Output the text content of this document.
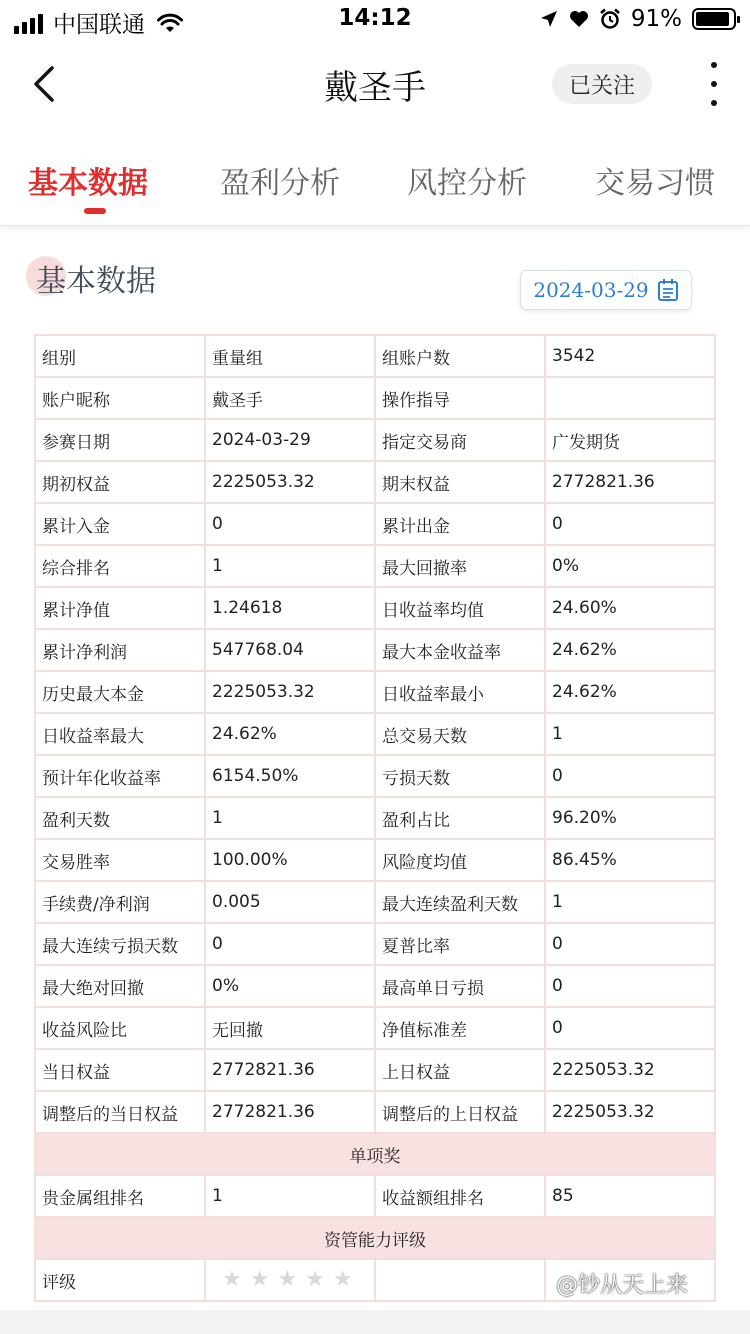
中国联通	14:12	91%
戴圣手	已关注
基本数据 盈利分析 风控分析 交易习惯
基本数据	2024-03-29
组别	重量组	组账户数	3542
账户昵称	戴圣手	操作指导	
参赛日期	2024-03-29	指定交易商	广发期货
期初权益	2225053.32	期末权益	2772821.36
累计入金	0	累计出金	0
综合排名	1	最大回撤率	0%
累计净值	1.24618	日收益率均值	24.60%
累计净利润	547768.04	最大本金收益率	24.62%
历史最大本金	2225053.32	日收益率最小	24.62%
日收益率最大	24.62%	总交易天数	1
预计年化收益率	6154.50%	亏损天数	0
盈利天数	1	盈利占比	96.20%
交易胜率	100.00%	风险度均值	86.45%
手续费/净利润	0.005	最大连续盈利天数	1
最大连续亏损天数	0	夏普比率	0
最大绝对回撤	0%	最高单日亏损	0
收益风险比	无回撤	净值标准差	0
当日权益	2772821.36	上日权益	2225053.32
调整后的当日权益	2772821.36	调整后的上日权益	2225053.32
单项奖			
贵金属组排名	1	收益额组排名	85
资管能力评级			
评级	★ ★ ★ ★ ★		
			@钞从天上来
